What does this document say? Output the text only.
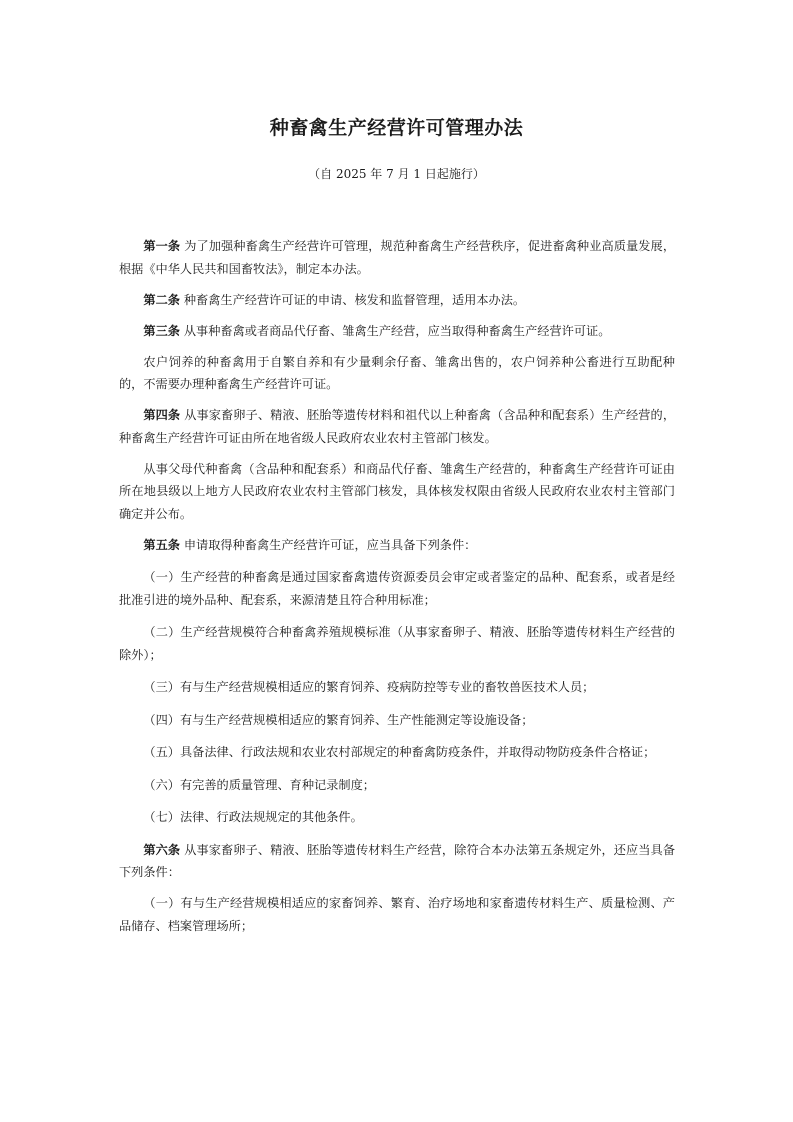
种畜禽生产经营许可管理办法

（自 2025 年 7 月 1 日起施行）

第一条 为了加强种畜禽生产经营许可管理，规范种畜禽生产经营秩序，促进畜禽种业高质量发展，根据《中华人民共和国畜牧法》，制定本办法。

第二条 种畜禽生产经营许可证的申请、核发和监督管理，适用本办法。

第三条 从事种畜禽或者商品代仔畜、雏禽生产经营，应当取得种畜禽生产经营许可证。

农户饲养的种畜禽用于自繁自养和有少量剩余仔畜、雏禽出售的，农户饲养种公畜进行互助配种的，不需要办理种畜禽生产经营许可证。

第四条 从事家畜卵子、精液、胚胎等遗传材料和祖代以上种畜禽（含品种和配套系）生产经营的，种畜禽生产经营许可证由所在地省级人民政府农业农村主管部门核发。

从事父母代种畜禽（含品种和配套系）和商品代仔畜、雏禽生产经营的，种畜禽生产经营许可证由所在地县级以上地方人民政府农业农村主管部门核发，具体核发权限由省级人民政府农业农村主管部门确定并公布。

第五条 申请取得种畜禽生产经营许可证，应当具备下列条件：

（一）生产经营的种畜禽是通过国家畜禽遗传资源委员会审定或者鉴定的品种、配套系，或者是经批准引进的境外品种、配套系，来源清楚且符合种用标准；

（二）生产经营规模符合种畜禽养殖规模标准（从事家畜卵子、精液、胚胎等遗传材料生产经营的除外）；

（三）有与生产经营规模相适应的繁育饲养、疫病防控等专业的畜牧兽医技术人员；

（四）有与生产经营规模相适应的繁育饲养、生产性能测定等设施设备；

（五）具备法律、行政法规和农业农村部规定的种畜禽防疫条件，并取得动物防疫条件合格证；

（六）有完善的质量管理、育种记录制度；

（七）法律、行政法规规定的其他条件。

第六条 从事家畜卵子、精液、胚胎等遗传材料生产经营，除符合本办法第五条规定外，还应当具备下列条件：

（一）有与生产经营规模相适应的家畜饲养、繁育、治疗场地和家畜遗传材料生产、质量检测、产品储存、档案管理场所；
